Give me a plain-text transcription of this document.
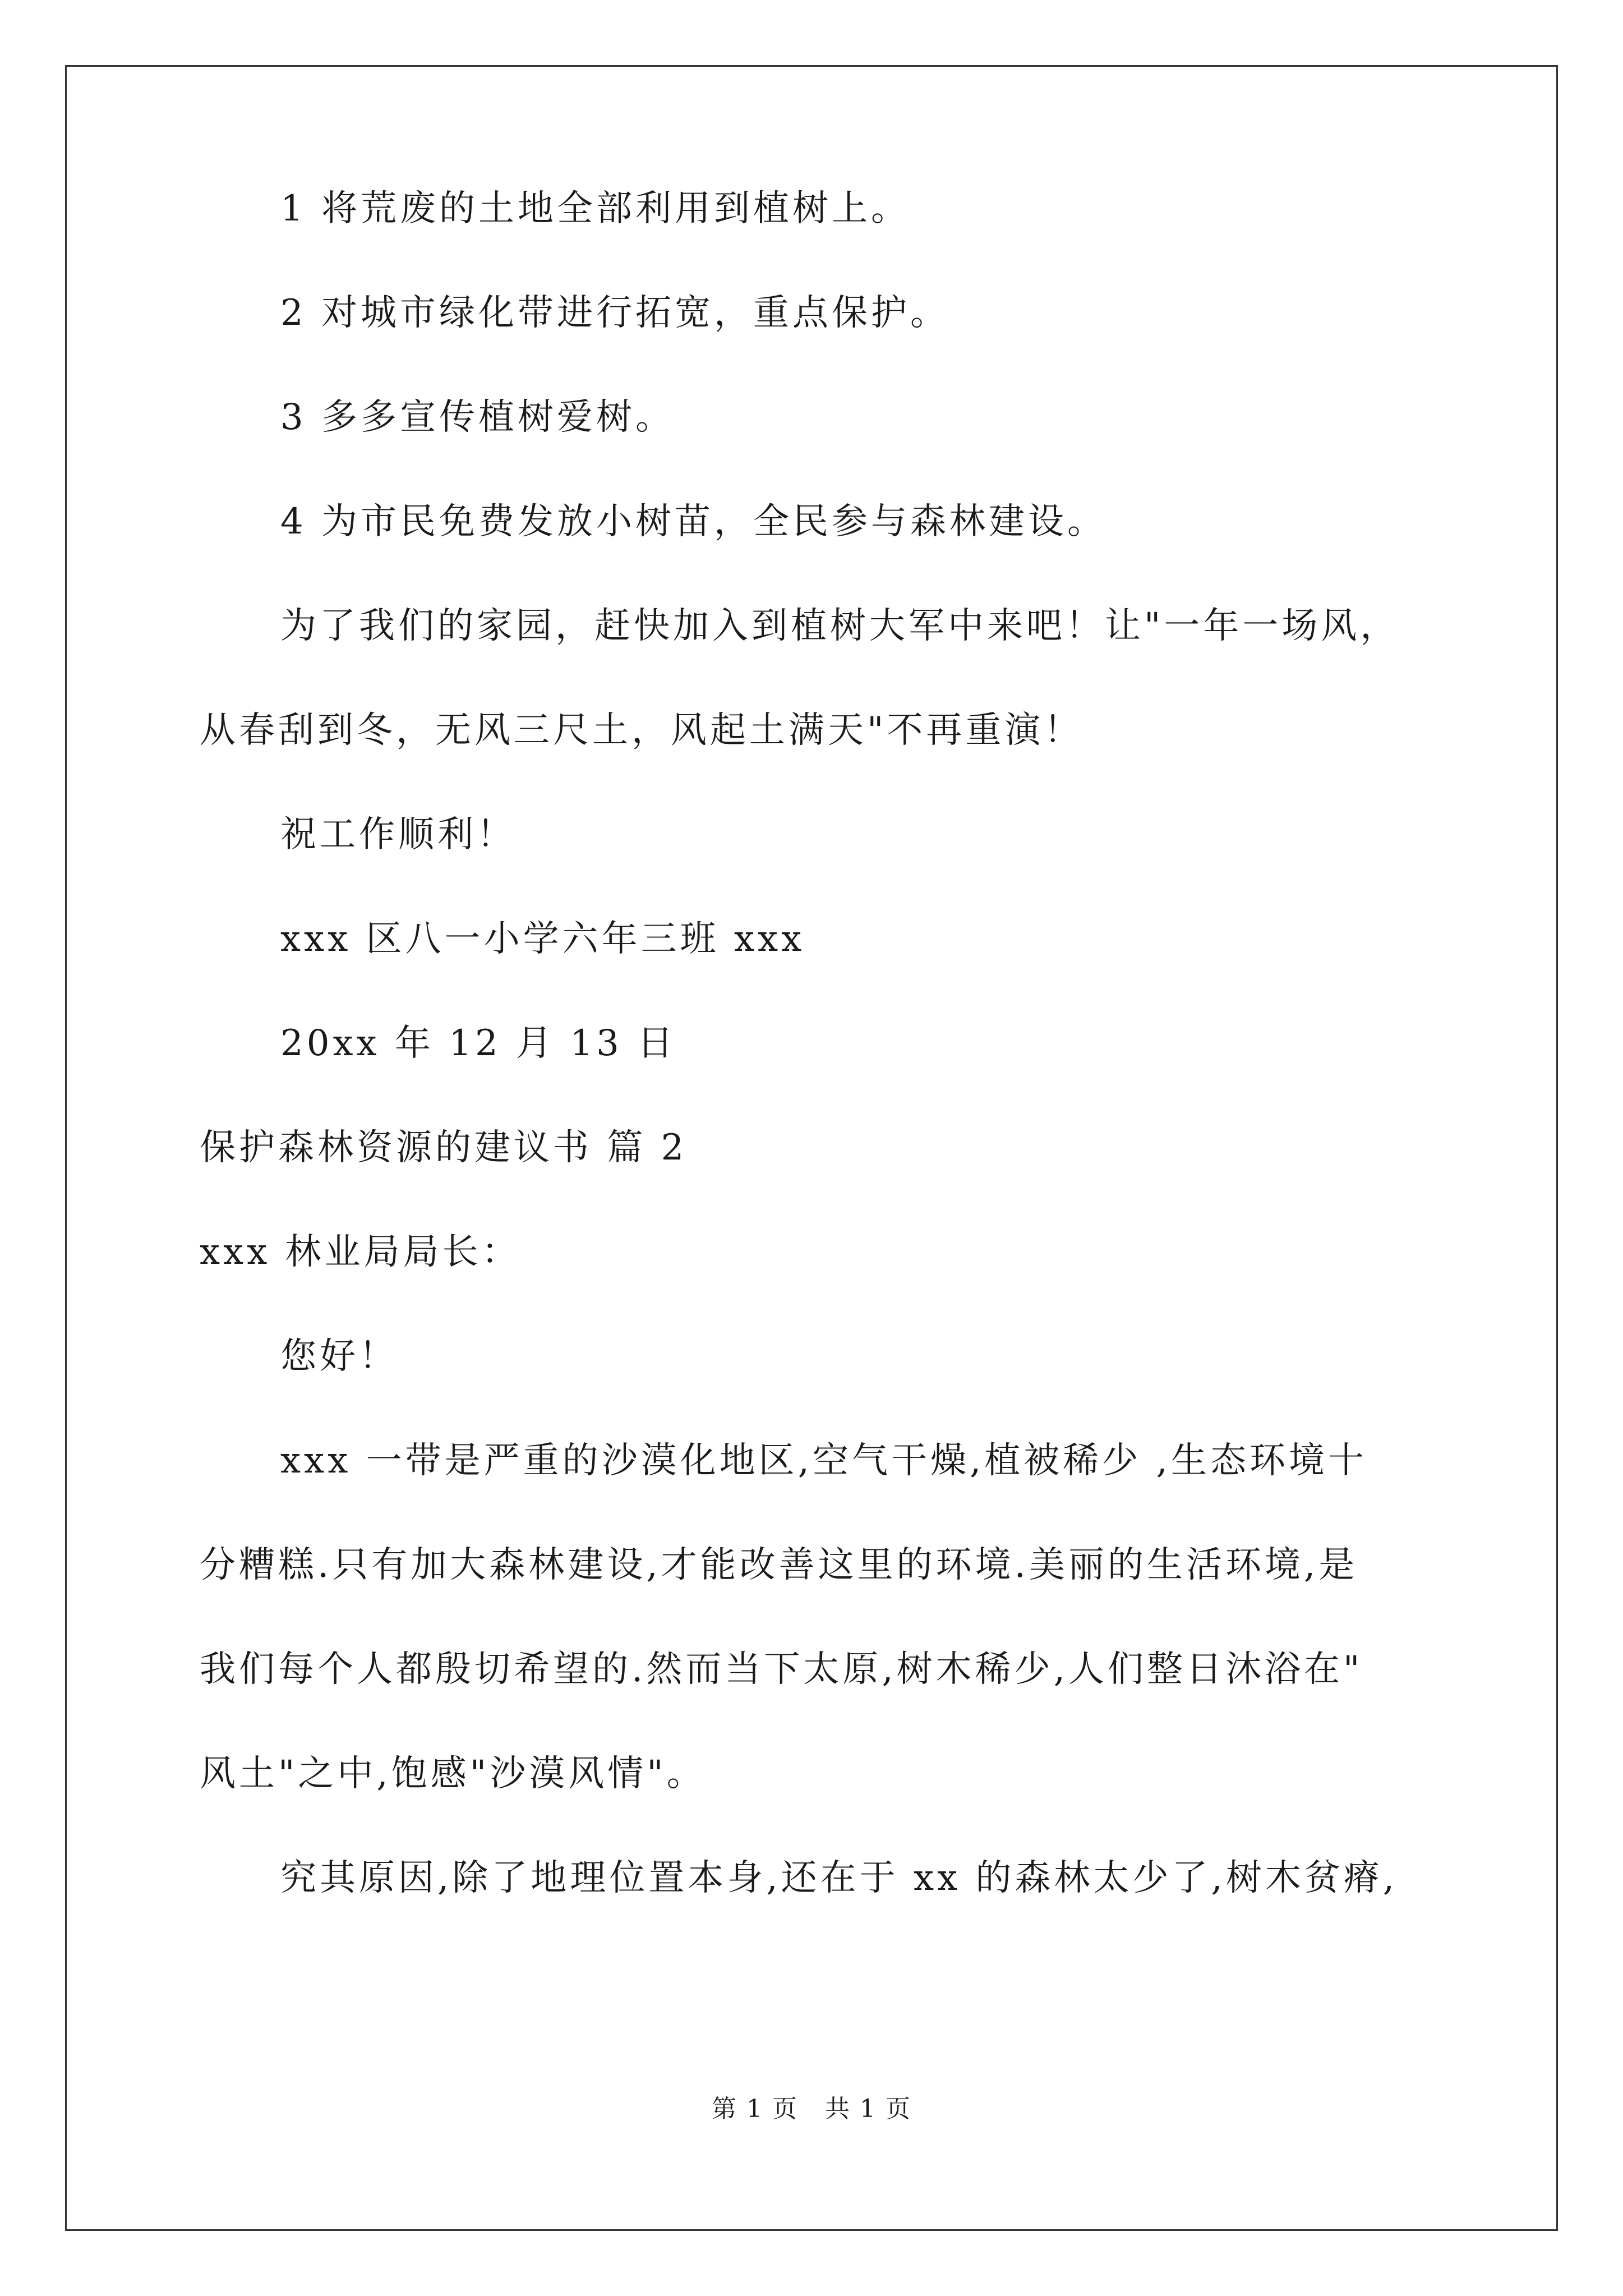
1 将荒废的土地全部利用到植树上。
2 对城市绿化带进行拓宽，重点保护。
3 多多宣传植树爱树。
4 为市民免费发放小树苗，全民参与森林建设。
为了我们的家园，赶快加入到植树大军中来吧！让"一年一场风，
从春刮到冬，无风三尺土，风起土满天"不再重演！
祝工作顺利！
xxx 区八一小学六年三班 xxx
20xx 年 12 月 13 日
保护森林资源的建议书 篇 2
xxx 林业局局长：
您好！
xxx 一带是严重的沙漠化地区,空气干燥,植被稀少 ,生态环境十
分糟糕.只有加大森林建设,才能改善这里的环境.美丽的生活环境,是
我们每个人都殷切希望的.然而当下太原,树木稀少,人们整日沐浴在"
风土"之中,饱感"沙漠风情"。
究其原因,除了地理位置本身,还在于 xx 的森林太少了,树木贫瘠,
第 1 页   共 1 页
